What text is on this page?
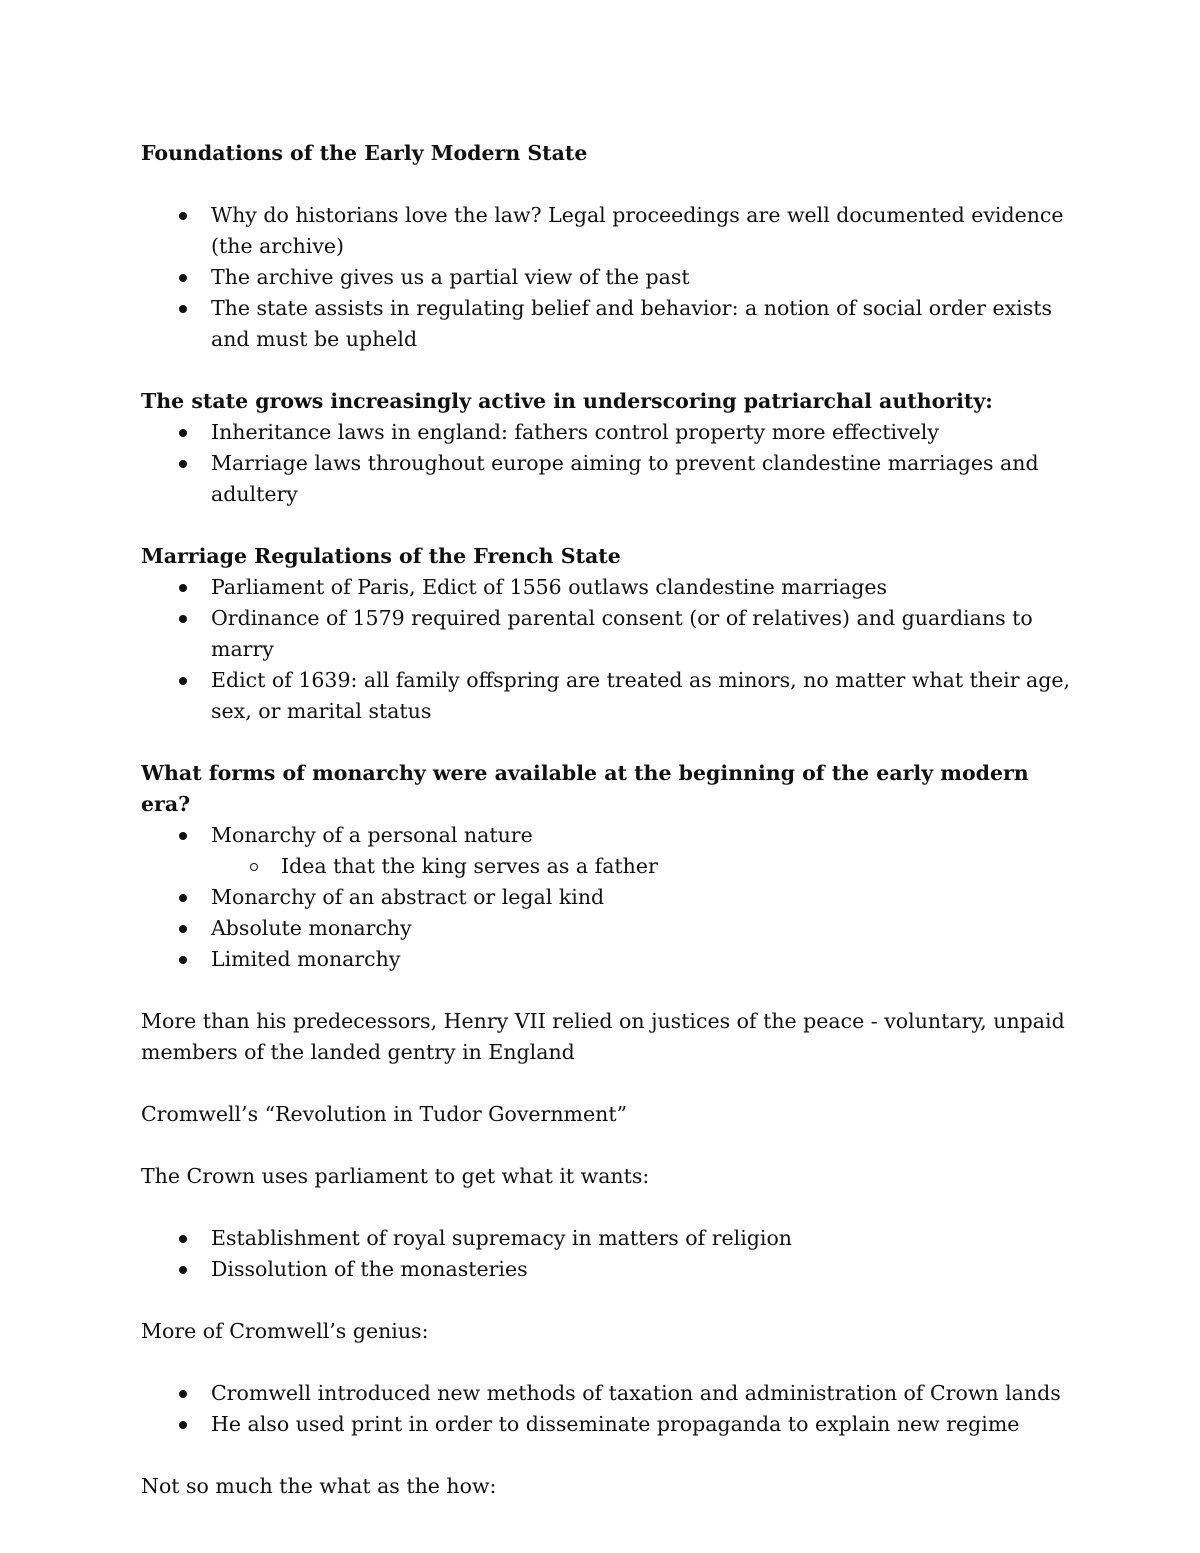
Foundations of the Early Modern State

Why do historians love the law? Legal proceedings are well documented evidence (the archive)
The archive gives us a partial view of the past
The state assists in regulating belief and behavior: a notion of social order exists and must be upheld

The state grows increasingly active in underscoring patriarchal authority:

Inheritance laws in england: fathers control property more effectively
Marriage laws throughout europe aiming to prevent clandestine marriages and adultery

Marriage Regulations of the French State

Parliament of Paris, Edict of 1556 outlaws clandestine marriages
Ordinance of 1579 required parental consent (or of relatives) and guardians to marry
Edict of 1639: all family offspring are treated as minors, no matter what their age, sex, or marital status

What forms of monarchy were available at the beginning of the early modern era?

Monarchy of a personal nature
Idea that the king serves as a father
Monarchy of an abstract or legal kind
Absolute monarchy
Limited monarchy

More than his predecessors, Henry VII relied on justices of the peace - voluntary, unpaid members of the landed gentry in England

Cromwell’s “Revolution in Tudor Government”

The Crown uses parliament to get what it wants:

Establishment of royal supremacy in matters of religion
Dissolution of the monasteries

More of Cromwell’s genius:

Cromwell introduced new methods of taxation and administration of Crown lands
He also used print in order to disseminate propaganda to explain new regime

Not so much the what as the how:
